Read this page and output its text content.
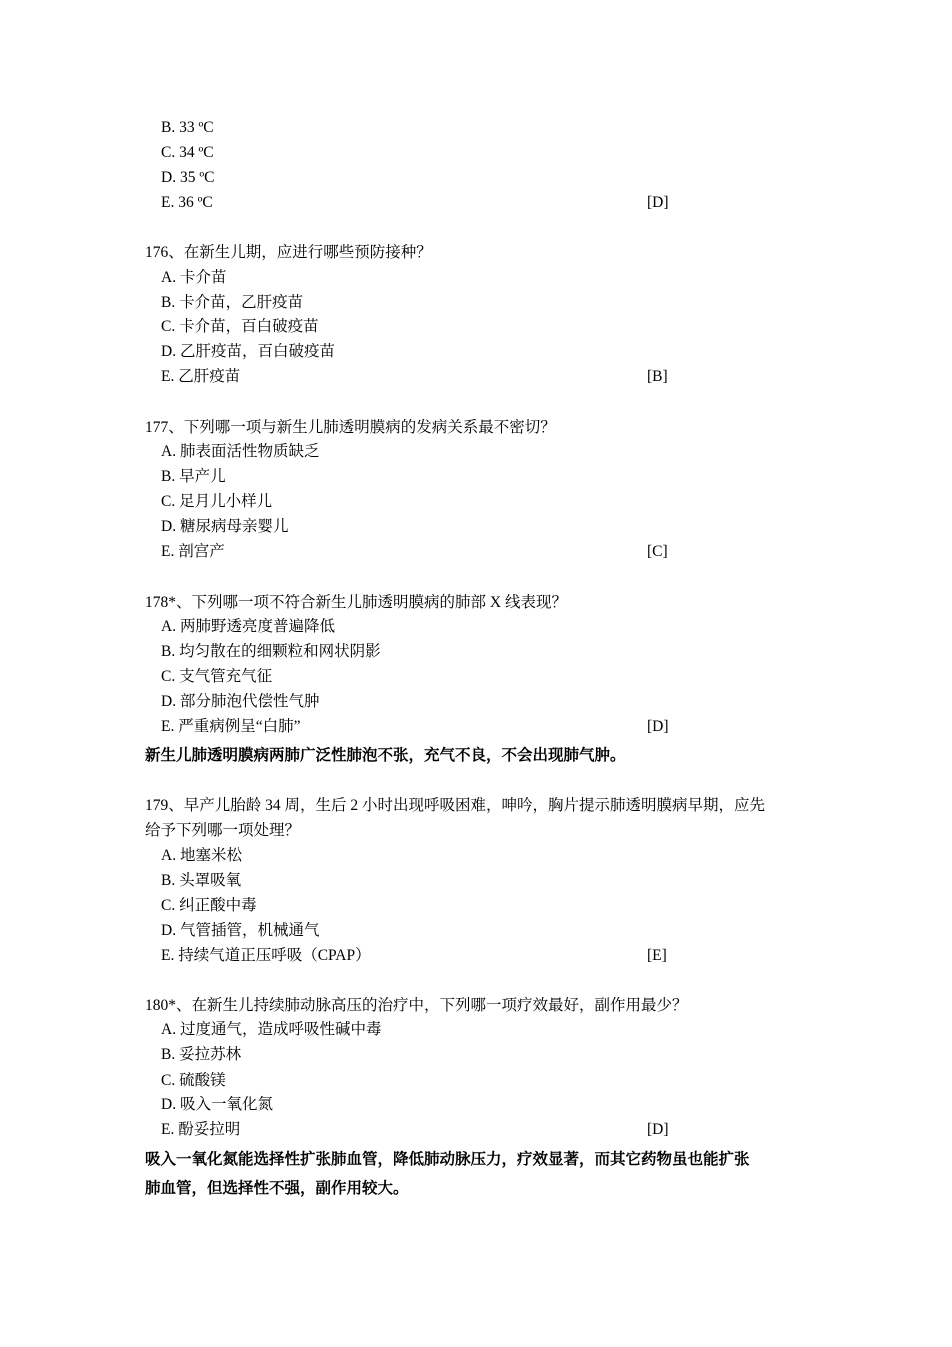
B. 33 ºC
C. 34 ºC
D. 35 ºC
E. 36 ºC	[D]
176、在新生儿期，应进行哪些预防接种？
A. 卡介苗
B. 卡介苗，乙肝疫苗
C. 卡介苗，百白破疫苗
D. 乙肝疫苗，百白破疫苗
E. 乙肝疫苗	[B]
177、下列哪一项与新生儿肺透明膜病的发病关系最不密切？
A. 肺表面活性物质缺乏
B. 早产儿
C. 足月儿小样儿
D. 糖尿病母亲婴儿
E. 剖宫产	[C]
178*、下列哪一项不符合新生儿肺透明膜病的肺部 X 线表现？
A. 两肺野透亮度普遍降低
B. 均匀散在的细颗粒和网状阴影
C. 支气管充气征
D. 部分肺泡代偿性气肿
E. 严重病例呈“白肺”	[D]
新生儿肺透明膜病两肺广泛性肺泡不张，充气不良，不会出现肺气肿。
179、早产儿胎龄 34 周，生后 2 小时出现呼吸困难，呻吟，胸片提示肺透明膜病早期，应先
给予下列哪一项处理？
A. 地塞米松
B. 头罩吸氧
C. 纠正酸中毒
D. 气管插管，机械通气
E. 持续气道正压呼吸（CPAP）	[E]
180*、在新生儿持续肺动脉高压的治疗中，下列哪一项疗效最好，副作用最少？
A. 过度通气，造成呼吸性碱中毒
B. 妥拉苏林
C. 硫酸镁
D. 吸入一氧化氮
E. 酚妥拉明	[D]
吸入一氧化氮能选择性扩张肺血管，降低肺动脉压力，疗效显著，而其它药物虽也能扩张
肺血管，但选择性不强，副作用较大。
